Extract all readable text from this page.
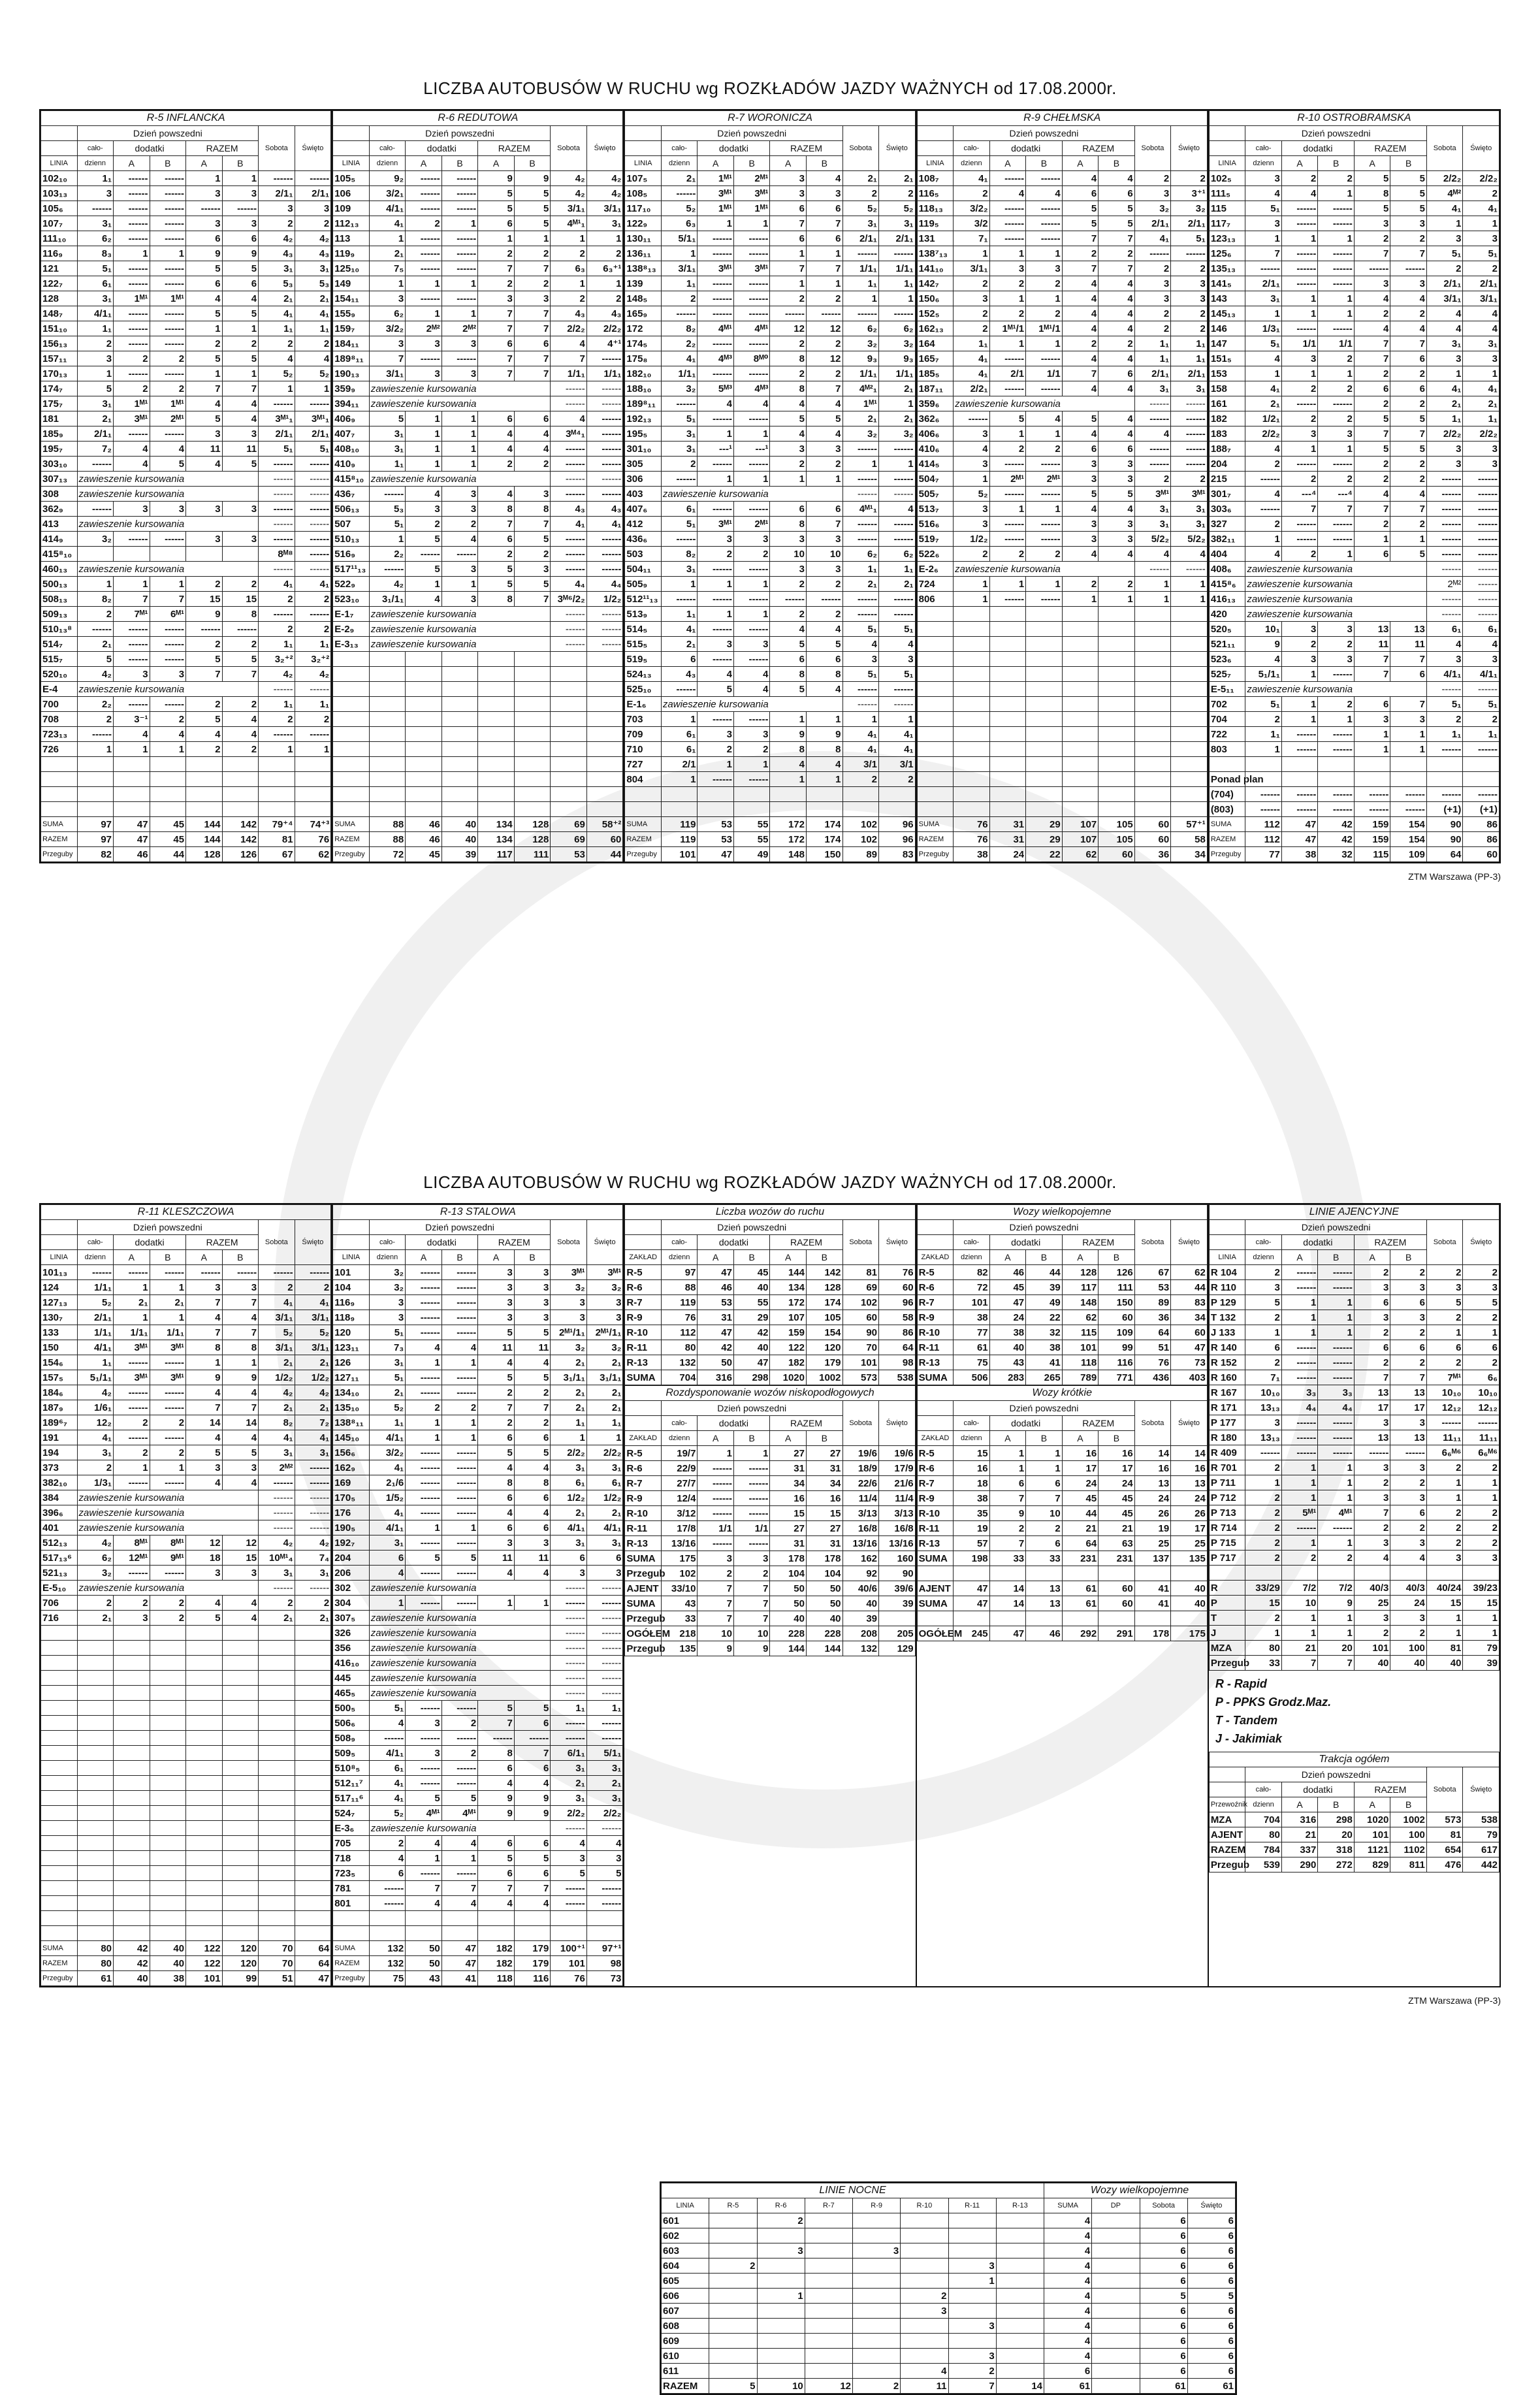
LICZBA AUTOBUSÓW W RUCHU wg ROZKŁADÓW JAZDY WAŻNYCH od 17.08.2000r.
R-5 INFLANCKA							
	Dzień powszedni					Sobota	Święto
	cało-	dodatki		RAZEM			
LINIA	dzienn	A	B	A	B		
102₁₀	1₁	------	------	1	1	------	------
103₁₃	3	------	------	3	3	2/1₁	2/1₁
105₆	------	------	------	------	------	3	3
107₇	3₁	------	------	3	3	2	2
111₁₀	6₂	------	------	6	6	4₂	4₂
116₉	8₃	1	1	9	9	4₃	4₃
121	5₁	------	------	5	5	3₁	3₁
122₇	6₁	------	------	6	6	5₃	5₃
128	3₁	1ᴹ¹	1ᴹ¹	4	4	2₁	2₁
148₇	4/1₁	------	------	5	5	4₁	4₁
151₁₀	1₁	------	------	1	1	1₁	1₁
156₁₃	2	------	------	2	2	2	2
157₁₁	3	2	2	5	5	4	4
170₁₃	1	------	------	1	1	5₂	5₂
174₇	5	2	2	7	7	1	1
175₇	3₁	1ᴹ¹	1ᴹ¹	4	4	------	------
181	2₁	3ᴹ¹	2ᴹ¹	5	4	3ᴹ¹₁	3ᴹ¹₁
185₉	2/1₁	------	------	3	3	2/1₁	2/1₁
195₇	7₂	4	4	11	11	5₁	5₁
303₁₀	------	4	5	4	5	------	------
307₁₃	zawieszenie kursowania					------	------
308	zawieszenie kursowania					------	------
362₉	------	3	3	3	3	------	------
413	zawieszenie kursowania					------	------
414₉	3₂	------	------	3	3	------	------
415⁸₁₀						8ᴹ⁸	------
460₁₃	zawieszenie kursowania					------	------
500₁₃	1	1	1	2	2	4₁	4₁
508₁₃	8₂	7	7	15	15	2	2
509₁₃	2	7ᴹ¹	6ᴹ¹	9	8	------	------
510₁₃⁸	------	------	------	------	------	2	2
514₇	2₁	------	------	2	2	1₁	1₁
515₇	5	------	------	5	5	3₂⁺²	3₂⁺²
520₁₀	4₂	3	3	7	7	4₂	4₂
E-4	zawieszenie kursowania					------	------
700	2₂	------	------	2	2	1₁	1₁
708	2	3⁻¹	2	5	4	2	2
723₁₃	------	4	4	4	4	------	------
726	1	1	1	2	2	1	1

SUMA	97	47	45	144	142	79⁺⁴	74⁺³
RAZEM	97	47	45	144	142	81	76
Przeguby	82	46	44	128	126	67	62
R-6 REDUTOWA							
	Dzień powszedni					Sobota	Święto
	cało-	dodatki		RAZEM			
LINIA	dzienn	A	B	A	B		
105₅	9₂	------	------	9	9	4₂	4₂
106	3/2₁	------	------	5	5	4₂	4₂
109	4/1₁	------	------	5	5	3/1₁	3/1₁
112₁₃	4₁	2	1	6	5	4ᴹ¹₁	3₁
113	1	------	------	1	1	1	1
119₉	2₁	------	------	2	2	2	2
125₁₀	7₅	------	------	7	7	6₃	6₃⁺¹
149	1	1	1	2	2	1	1
154₁₁	3	------	------	3	3	2	2
155₉	6₂	1	1	7	7	4₃	4₃
159₇	3/2₂	2ᴹ²	2ᴹ²	7	7	2/2₂	2/2₂
184₁₁	3	3	3	6	6	4	4⁺¹
189⁸₁₁	7	------	------	7	7	7	------
190₁₃	3/1₁	3	3	7	7	1/1₁	1/1₁
359₉	zawieszenie kursowania					------	------
394₁₁	zawieszenie kursowania					------	------
406₉	5	1	1	6	6	4	------
407₇	3₁	1	1	4	4	3ᴹ⁴₁	------
408₁₀	3₁	1	1	4	4	------	------
410₉	1₁	1	1	2	2	------	------
415⁸₁₀	zawieszenie kursowania					------	------
436₇	------	4	3	4	3	------	------
506₁₃	5₃	3	3	8	8	4₃	4₃
507	5₁	2	2	7	7	4₁	4₁
510₁₃	1	5	4	6	5	------	------
516₉	2₂	------	------	2	2	------	------
517¹¹₁₃	------	5	3	5	3	------	------
522₉	4₂	1	1	5	5	4₄	4₄
523₁₀	3₁/1₁	4	3	8	7	3ᴹ⁶/2₂	1/2₂
E-1₇	zawieszenie kursowania					------	------
E-2₉	zawieszenie kursowania					------	------
E-3₁₃	zawieszenie kursowania					------	------

SUMA	88	46	40	134	128	69	58⁺²
RAZEM	88	46	40	134	128	69	60
Przeguby	72	45	39	117	111	53	44
R-7 WORONICZA							
	Dzień powszedni					Sobota	Święto
	cało-	dodatki		RAZEM			
LINIA	dzienn	A	B	A	B		
107₅	2₁	1ᴹ¹	2ᴹ¹	3	4	2₁	2₁
108₅	------	3ᴹ¹	3ᴹ¹	3	3	2	2
117₁₀	5₂	1ᴹ¹	1ᴹ¹	6	6	5₂	5₂
122₉	6₃	1	1	7	7	3₁	3₁
130₁₁	5/1₁	------	------	6	6	2/1₁	2/1₁
136₁₁	1	------	------	1	1	------	------
138⁸₁₃	3/1₁	3ᴹ¹	3ᴹ¹	7	7	1/1₁	1/1₁
139	1₁	------	------	1	1	1₁	1₁
148₅	2	------	------	2	2	1	1
165₉	------	------	------	------	------	------	------
172	8₂	4ᴹ¹	4ᴹ¹	12	12	6₂	6₂
174₅	2₂	------	------	2	2	3₂	3₂
175₈	4₁	4ᴹ³	8ᴹ⁰	8	12	9₃	9₃
182₁₀	1/1₁	------	------	2	2	1/1₁	1/1₁
188₁₀	3₂	5ᴹ³	4ᴹ³	8	7	4ᴹ²₁	2₁
189⁸₁₁	------	4	4	4	4	1ᴹ¹	1
192₁₃	5₁	------	------	5	5	2₁	2₁
195₅	3₁	1	1	4	4	3₂	3₂
301₁₀	3₁	---¹	---¹	3	3	------	------
305	2	------	------	2	2	1	1
306	------	1	1	1	1	------	------
403	zawieszenie kursowania					------	------
407₆	6₁	------	------	6	6	4ᴹ¹₁	4
412	5₁	3ᴹ¹	2ᴹ¹	8	7	------	------
436₆	------	3	3	3	3	------	------
503	8₂	2	2	10	10	6₂	6₂
504₁₁	3₁	------	------	3	3	1₁	1₁
505₉	1	1	1	2	2	2₁	2₁
512¹¹₁₃	------	------	------	------	------	------	------
513₉	1₁	1	1	2	2	------	------
514₅	4₁	------	------	4	4	5₁	5₁
515₅	2₁	3	3	5	5	4	4
519₅	6	------	------	6	6	3	3
524₁₃	4₃	4	4	8	8	5₁	5₁
525₁₀	------	5	4	5	4	------	------
E-1₆	zawieszenie kursowania					------	------
703	1	------	------	1	1	1	1
709	6₁	3	3	9	9	4₁	4₁
710	6₁	2	2	8	8	4₁	4₁
727	2/1	1	1	4	4	3/1	3/1
804	1	------	------	1	1	2	2

SUMA	119	53	55	172	174	102	96
RAZEM	119	53	55	172	174	102	96
Przeguby	101	47	49	148	150	89	83
R-9 CHEŁMSKA							
	Dzień powszedni					Sobota	Święto
	cało-	dodatki		RAZEM			
LINIA	dzienn	A	B	A	B		
108₇	4₁	------	------	4	4	2	2
116₅	2	4	4	6	6	3	3⁺¹
118₁₃	3/2₂	------	------	5	5	3₂	3₂
119₅	3/2	------	------	5	5	2/1₁	2/1₁
131	7₁	------	------	7	7	4₁	5₁
138⁷₁₃	1	1	1	2	2	------	------
141₁₀	3/1₁	3	3	7	7	2	2
142₇	2	2	2	4	4	3	3
150₆	3	1	1	4	4	3	3
152₅	2	2	2	4	4	2	2
162₁₃	2	1ᴹ¹/1	1ᴹ¹/1	4	4	2	2
164	1₁	1	1	2	2	1₁	1₁
165₇	4₁	------	------	4	4	1₁	1₁
185₅	4₁	2/1	1/1	7	6	2/1₁	2/1₁
187₁₁	2/2₁	------	------	4	4	3₁	3₁
359₆	zawieszenie kursowania					------	------
362₆	------	5	4	5	4	------	------
406₆	3	1	1	4	4	4	------
410₆	4	2	2	6	6	------	------
414₅	3	------	------	3	3	------	------
504₇	1	2ᴹ¹	2ᴹ¹	3	3	2	2
505₇	5₂	------	------	5	5	3ᴹ¹	3ᴹ¹
513₇	3	1	1	4	4	3₁	3₁
516₆	3	------	------	3	3	3₁	3₁
519₇	1/2₂	------	------	3	3	5/2₂	5/2₂
522₆	2	2	2	4	4	4	4
E-2₆	zawieszenie kursowania					------	------
724	1	1	1	2	2	1	1
806	1	------	------	1	1	1	1

SUMA	76	31	29	107	105	60	57⁺¹
RAZEM	76	31	29	107	105	60	58
Przeguby	38	24	22	62	60	36	34
R-10 OSTROBRAMSKA							
	Dzień powszedni					Sobota	Święto
	cało-	dodatki		RAZEM			
LINIA	dzienn	A	B	A	B		
102₅	3	2	2	5	5	2/2₂	2/2₂
111₅	4	4	1	8	5	4ᴹ²	2
115	5₁	------	------	5	5	4₁	4₁
117₇	3	------	------	3	3	1	1
123₁₃	1	1	1	2	2	3	3
125₆	7	------	------	7	7	5₁	5₁
135₁₃	------	------	------	------	------	2	2
141₅	2/1₁	------	------	3	3	2/1₁	2/1₁
143	3₁	1	1	4	4	3/1₁	3/1₁
145₁₃	1	1	1	2	2	4	4
146	1/3₁	------	------	4	4	4	4
147	5₁	1/1	1/1	7	7	3₁	3₁
151₅	4	3	2	7	6	3	3
153	1	1	1	2	2	1	1
158	4₁	2	2	6	6	4₁	4₁
161	2₁	------	------	2	2	2₁	2₁
182	1/2₁	2	2	5	5	1₁	1₁
183	2/2₂	3	3	7	7	2/2₂	2/2₂
188₇	4	1	1	5	5	3	3
204	2	------	------	2	2	3	3
215	------	2	2	2	2	------	------
301₇	4	---⁴	---⁴	4	4	------	------
303₆	------	7	7	7	7	------	------
327	2	------	------	2	2	------	------
382₁₁	1	------	------	1	1	------	------
404	4	2	1	6	5	------	------
408₆	zawieszenie kursowania					------	------
415⁸₆	zawieszenie kursowania					2ᴹ²	------
416₁₃	zawieszenie kursowania					------	------
420	zawieszenie kursowania					------	------
520₅	10₁	3	3	13	13	6₁	6₁
521₁₁	9	2	2	11	11	4	4
523₆	4	3	3	7	7	3	3
525₇	5₁/1₁	1	------	7	6	4/1₁	4/1₁
E-5₁₁	zawieszenie kursowania					------	------
702	5₁	1	2	6	7	5₁	5₁
704	2	1	1	3	3	2	2
722	1₁	------	------	1	1	1₁	1₁
803	1	------	------	1	1	------	------

Ponad plan							
(704)	------	------	------	------	------	------	------
(803)	------	------	------	------	------	(+1)	(+1)
SUMA	112	47	42	159	154	90	86
RAZEM	112	47	42	159	154	90	86
Przeguby	77	38	32	115	109	64	60
ZTM Warszawa (PP-3)
LICZBA AUTOBUSÓW W RUCHU wg ROZKŁADÓW JAZDY WAŻNYCH od 17.08.2000r.
R-11 KLESZCZOWA							
	Dzień powszedni					Sobota	Święto
	cało-	dodatki		RAZEM			
LINIA	dzienn	A	B	A	B		
101₁₃	------	------	------	------	------	------	------
124	1/1₁	1	1	3	3	2	2
127₁₃	5₂	2₁	2₁	7	7	4₁	4₁
130₇	2/1₁	1	1	4	4	3/1₁	3/1₁
133	1/1₁	1/1₁	1/1₁	7	7	5₂	5₂
150	4/1₁	3ᴹ¹	3ᴹ¹	8	8	3/1₁	3/1₁
154₆	1₁	------	------	1	1	2₁	2₁
157₅	5₁/1₁	3ᴹ¹	3ᴹ¹	9	9	1/2₂	1/2₂
184₆	4₂	------	------	4	4	4₂	4₂
187₉	1/6₁	------	------	7	7	2₁	2₁
189⁶₇	12₂	2	2	14	14	8₂	7₂
191	4₁	------	------	4	4	4₁	4₁
194	3₁	2	2	5	5	3₁	3₁
373	2	1	1	3	3	2ᴹ²	------
382₁₀	1/3₁	------	------	4	4	------	------
384	zawieszenie kursowania					------	------
396₆	zawieszenie kursowania					------	------
401	zawieszenie kursowania					------	------
512₁₃	4₂	8ᴹ¹	8ᴹ¹	12	12	4₂	4₂
517₁₃⁶	6₂	12ᴹ¹	9ᴹ¹	18	15	10ᴹ¹₄	7₄
521₁₃	3₂	------	------	3	3	3₁	3₁
E-5₁₀	zawieszenie kursowania					------	------
706	2	2	2	4	4	2	2
716	2₁	3	2	5	4	2₁	2₁

SUMA	80	42	40	122	120	70	64
RAZEM	80	42	40	122	120	70	64
Przeguby	61	40	38	101	99	51	47
R-13 STALOWA							
	Dzień powszedni					Sobota	Święto
	cało-	dodatki		RAZEM			
LINIA	dzienn	A	B	A	B		
101	3₂	------	------	3	3	3ᴹ¹	3ᴹ¹
104	3₂	------	------	3	3	3₂	3₂
116₉	3	------	------	3	3	3	3
118₉	3	------	------	3	3	3	3
120	5₁	------	------	5	5	2ᴹ¹/1₁	2ᴹ¹/1₁
123₁₁	7₃	4	4	11	11	3₂	3₂
126	3₁	1	1	4	4	2₁	2₁
127₁₁	5₁	------	------	5	5	3₁/1₁	3₁/1₁
134₁₀	2₁	------	------	2	2	2₁	2₁
135₁₀	5₂	2	2	7	7	2₁	2₁
138⁸₁₁	1₁	1	1	2	2	1₁	1₁
145₁₀	4/1₁	1	1	6	6	1	1
156₆	3/2₂	------	------	5	5	2/2₂	2/2₂
162₉	4₁	------	------	4	4	3₁	3₁
169	2₁/6	------	------	8	8	6₁	6₁
170₅	1/5₂	------	------	6	6	1/2₂	1/2₂
176	4₁	------	------	4	4	2₁	2₁
190₅	4/1₁	1	1	6	6	4/1₁	4/1₁
192₇	3₁	------	------	3	3	3₁	3₁
204	6	5	5	11	11	6	6
206	4	------	------	4	4	3	3
302	zawieszenie kursowania					------	------
304	1	------	------	1	1	------	------
307₅	zawieszenie kursowania					------	------
326	zawieszenie kursowania					------	------
356	zawieszenie kursowania					------	------
416₁₀	zawieszenie kursowania					------	------
445	zawieszenie kursowania					------	------
465₅	zawieszenie kursowania					------	------
500₅	5₁	------	------	5	5	1₁	1₁
506₆	4	3	2	7	6	------	------
508₉	------	------	------	------	------	------	------
509₅	4/1₁	3	2	8	7	6/1₁	5/1₁
510⁸₅	6₁	------	------	6	6	3₁	3₁
512₁₁⁷	4₁	------	------	4	4	2₁	2₁
517₁₁⁶	4₁	5	5	9	9	3₁	3₁
524₇	5₂	4ᴹ¹	4ᴹ¹	9	9	2/2₂	2/2₂
E-3₆	zawieszenie kursowania					------	------
705	2	4	4	6	6	4	4
718	4	1	1	5	5	3	3
723₅	6	------	------	6	6	5	5
781	------	7	7	7	7	------	------
801	------	4	4	4	4	------	------

SUMA	132	50	47	182	179	100⁺¹	97⁺¹
RAZEM	132	50	47	182	179	101	98
Przeguby	75	43	41	118	116	76	73
Liczba wozów do ruchu							
	Dzień powszedni					Sobota	Święto
	cało-	dodatki		RAZEM			
ZAKŁAD	dzienn	A	B	A	B		
R-5	97	47	45	144	142	81	76
R-6	88	46	40	134	128	69	60
R-7	119	53	55	172	174	102	96
R-9	76	31	29	107	105	60	58
R-10	112	47	42	159	154	90	86
R-11	80	42	40	122	120	70	64
R-13	132	50	47	182	179	101	98
SUMA	704	316	298	1020	1002	573	538
Rozdysponowanie wozów niskopodłogowych							
	Dzień powszedni					Sobota	Święto
	cało-	dodatki		RAZEM			
ZAKŁAD	dzienn	A	B	A	B		
R-5	19/7	1	1	27	27	19/6	19/6
R-6	22/9	------	------	31	31	18/9	17/9
R-7	27/7	------	------	34	34	22/6	21/6
R-9	12/4	------	------	16	16	11/4	11/4
R-10	3/12	------	------	15	15	3/13	3/13
R-11	17/8	1/1	1/1	27	27	16/8	16/8
R-13	13/16	------	------	31	31	13/16	13/16
SUMA	175	3	3	178	178	162	160
Przegub	102	2	2	104	104	92	90
AJENT	33/10	7	7	50	50	40/6	39/6
SUMA	43	7	7	50	50	40	39
Przegub	33	7	7	40	40	39	
OGÓŁEM	218	10	10	228	228	208	205
Przegub	135	9	9	144	144	132	129
Wozy wielkopojemne							
	Dzień powszedni					Sobota	Święto
	cało-	dodatki		RAZEM			
ZAKŁAD	dzienn	A	B	A	B		
R-5	82	46	44	128	126	67	62
R-6	72	45	39	117	111	53	44
R-7	101	47	49	148	150	89	83
R-9	38	24	22	62	60	36	34
R-10	77	38	32	115	109	64	60
R-11	61	40	38	101	99	51	47
R-13	75	43	41	118	116	76	73
SUMA	506	283	265	789	771	436	403
Wozy krótkie							
	Dzień powszedni					Sobota	Święto
	cało-	dodatki		RAZEM			
ZAKŁAD	dzienn	A	B	A	B		
R-5	15	1	1	16	16	14	14
R-6	16	1	1	17	17	16	16
R-7	18	6	6	24	24	13	13
R-9	38	7	7	45	45	24	24
R-10	35	9	10	44	45	26	26
R-11	19	2	2	21	21	19	17
R-13	57	7	6	64	63	25	25
SUMA	198	33	33	231	231	137	135

AJENT	47	14	13	61	60	41	40
SUMA	47	14	13	61	60	41	40

OGÓŁEM	245	47	46	292	291	178	175
LINIE AJENCYJNE							
	Dzień powszedni					Sobota	Święto
	cało-	dodatki		RAZEM			
LINIA	dzienn	A	B	A	B		
R 104	2	------	------	2	2	2	2
R 110	3	------	------	3	3	3	3
P 129	5	1	1	6	6	5	5
T 132	2	1	1	3	3	2	2
J 133	1	1	1	2	2	1	1
R 140	6	------	------	6	6	6	6
R 152	2	------	------	2	2	2	2
R 160	7₁	------	------	7	7	7ᴹ¹	6₆
R 167	10₁₀	3₃	3₃	13	13	10₁₀	10₁₀
R 171	13₁₃	4₄	4₄	17	17	12₁₂	12₁₂
P 177	3	------	------	3	3	------	------
R 180	13₁₃	------	------	13	13	11₁₁	11₁₁
R 409	------	------	------	------	------	6₆ᴹ⁶	6₆ᴹ⁶
R 701	2	1	1	3	3	2	2
P 711	1	1	1	2	2	1	1
P 712	2	1	1	3	3	1	1
P 713	2	5ᴹ¹	4ᴹ¹	7	6	2	2
R 714	2	------	------	2	2	2	2
P 715	2	1	1	3	3	2	2
P 717	2	2	2	4	4	3	3

R	33/29	7/2	7/2	40/3	40/3	40/24	39/23
P	15	10	9	25	24	15	15
T	2	1	1	3	3	1	1
J	1	1	1	2	2	1	1
MZA	80	21	20	101	100	81	79
Przegub	33	7	7	40	40	40	39
R - Rapid
P - PPKS Grodz.Maz.
T - Tandem
J - Jakimiak
Trakcja ogółem							
	Dzień powszedni					Sobota	Święto
	cało-	dodatki		RAZEM			
Przewoźnik	dzienn	A	B	A	B		
MZA	704	316	298	1020	1002	573	538
AJENT	80	21	20	101	100	81	79
RAZEM	784	337	318	1121	1102	654	617
Przegub	539	290	272	829	811	476	442
ZTM Warszawa (PP-3)
LINIE NOCNE								Wozy wielkopojemne			
LINIA	R-5	R-6	R-7	R-9	R-10	R-11	R-13	SUMA	DP	Sobota	Święto
601		2						4		6	6
602								4		6	6
603		3		3				4		6	6
604	2					3		4		6	6
605						1		4		6	6
606		1			2			4		5	5
607					3			4		6	6
608						3		4		6	6
609								4		6	6
610						3		4		6	6
611					4	2		6		6	6
RAZEM	5	10	12	2	11	7	14	61		61	61
